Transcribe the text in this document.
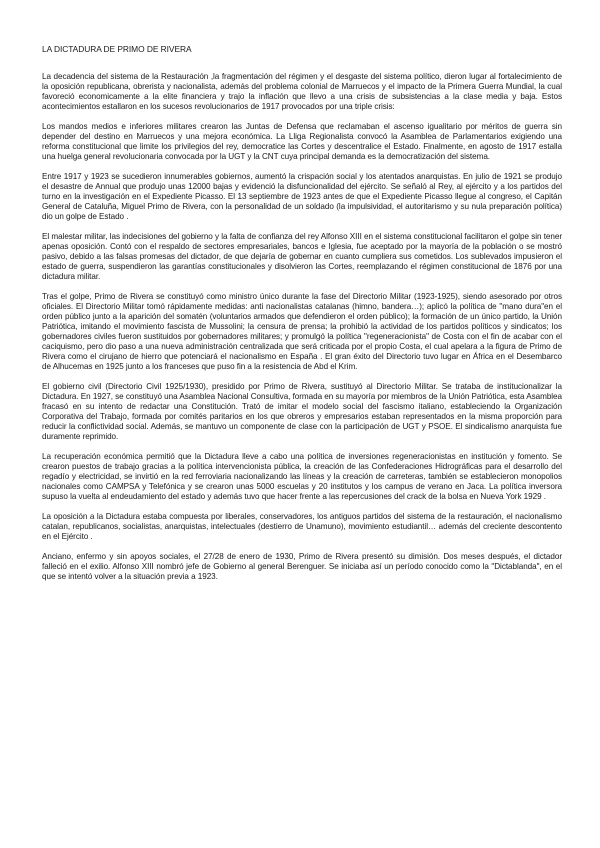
LA DICTADURA DE PRIMO DE RIVERA

La decadencia del sistema de la Restauración ,la fragmentación del régimen y el desgaste del sistema político, dieron lugar al fortalecimiento de la oposición republicana, obrerista y nacionalista, además del problema colonial de Marruecos y el impacto de la Primera Guerra Mundial, la cual favoreció economicamente a la elite financiera y trajo la inflación que llevo a una crisis de subsistencias a la clase media y baja. Estos acontecimientos estallaron en los sucesos revolucionarios de 1917 provocados por una triple crisis:

Los mandos medios e inferiores militares crearon las Juntas de Defensa que reclamaban el ascenso igualitario por méritos de guerra sin depender del destino en Marruecos y una mejora económica. La Lliga Regionalista convocó la Asamblea de Parlamentarios exigiendo una reforma constitucional que limite los privilegios del rey, democratice las Cortes y descentralice el Estado. Finalmente, en agosto de 1917 estalla una huelga general revolucionaria convocada por la UGT y la CNT cuya principal demanda es la democratización del sistema.

Entre 1917 y 1923 se sucedieron innumerables gobiernos, aumentó la crispación social y los atentados anarquistas. En julio de 1921 se produjo el desastre de Annual que produjo unas 12000 bajas y evidenció la disfuncionalidad del ejército. Se señaló al Rey, al ejército y a los partidos del turno en la investigación en el Expediente Picasso. El 13 septiembre de 1923 antes de que el Expediente Picasso llegue al congreso, el Capitán General de Cataluña, Miguel Primo de Rivera, con la personalidad de un soldado (la impulsividad, el autoritarismo y su nula preparación política) dio un golpe de Estado .

El malestar militar, las indecisiones del gobierno y la falta de confianza del rey Alfonso XIII en el sistema constitucional facilitaron el golpe sin tener apenas oposición. Contó con el respaldo de sectores empresariales, bancos e Iglesia, fue aceptado por la mayoría de la población o se mostró pasivo, debido a las falsas promesas del dictador, de que dejaría de gobernar en cuanto cumpliera sus cometidos. Los sublevados impusieron el estado de guerra, suspendieron las garantías constitucionales y disolvieron las Cortes, reemplazando el régimen constitucional de 1876 por una dictadura militar.

Tras el golpe, Primo de Rivera se constituyó como ministro único durante la fase del Directorio Militar (1923-1925), siendo asesorado por otros oficiales. El Directorio Militar tomó rápidamente medidas: anti nacionalistas catalanas (himno, bandera…); aplicó la política de "mano dura"en el orden público junto a la aparición del somatén (voluntarios armados que defendieron el orden público); la formación de un único partido, la Unión Patriótica, imitando el movimiento fascista de Mussolini; la censura de prensa; la prohibió la actividad de los partidos políticos y sindicatos; los gobernadores civiles fueron sustituidos por gobernadores militares; y promulgó la política "regeneracionista" de Costa con el fin de acabar con el caciquismo, pero dio paso a una nueva administración centralizada que será criticada por el propio Costa, el cual apelara a la figura de Primo de Rivera como el cirujano de hierro que potenciará el nacionalismo en España . El gran éxito del Directorio tuvo lugar en África en el Desembarco de Alhucemas en 1925 junto a los franceses que puso fin a la resistencia de Abd el Krim.

El gobierno civil (Directorio Civil 1925/1930), presidido por Primo de Rivera, sustituyó al Directorio Militar. Se trataba de institucionalizar la Dictadura. En 1927, se constituyó una Asamblea Nacional Consultiva, formada en su mayoría por miembros de la Unión Patriótica, esta Asamblea fracasó en su intento de redactar una Constitución. Trató de imitar el modelo social del fascismo italiano, estableciendo la Organización Corporativa del Trabajo, formada por comités paritarios en los que obreros y empresarios estaban representados en la misma proporción para reducir la conflictividad social. Además, se mantuvo un componente de clase con la participación de UGT y PSOE. El sindicalismo anarquista fue duramente reprimido.

La recuperación económica permitió que la Dictadura lleve a cabo una política de inversiones regeneracionistas en institución y fomento. Se crearon puestos de trabajo gracias a la política intervencionista pública, la creación de las Confederaciones Hidrográficas para el desarrollo del regadío y electricidad, se invirtió en la red ferroviaria nacionalizando las líneas y la creación de carreteras, también se establecieron monopolios nacionales como CAMPSA y Telefónica y se crearon unas 5000 escuelas y 20 institutos y los campus de verano en Jaca. La política inversora supuso la vuelta al endeudamiento del estado y además tuvo que hacer frente a las repercusiones del crack de la bolsa en Nueva York 1929 .

La oposición a la Dictadura estaba compuesta por liberales, conservadores, los antiguos partidos del sistema de la restauración, el nacionalismo catalan, republicanos, socialistas, anarquistas, intelectuales (destierro de Unamuno), movimiento estudiantil… además del creciente descontento en el Ejército .

Anciano, enfermo y sin apoyos sociales, el 27/28 de enero de 1930, Primo de Rivera presentó su dimisión. Dos meses después, el dictador falleció en el exilio. Alfonso XIII nombró jefe de Gobierno al general Berenguer. Se iniciaba así un período conocido como la "Dictablanda", en el que se intentó volver a la situación previa a 1923.
